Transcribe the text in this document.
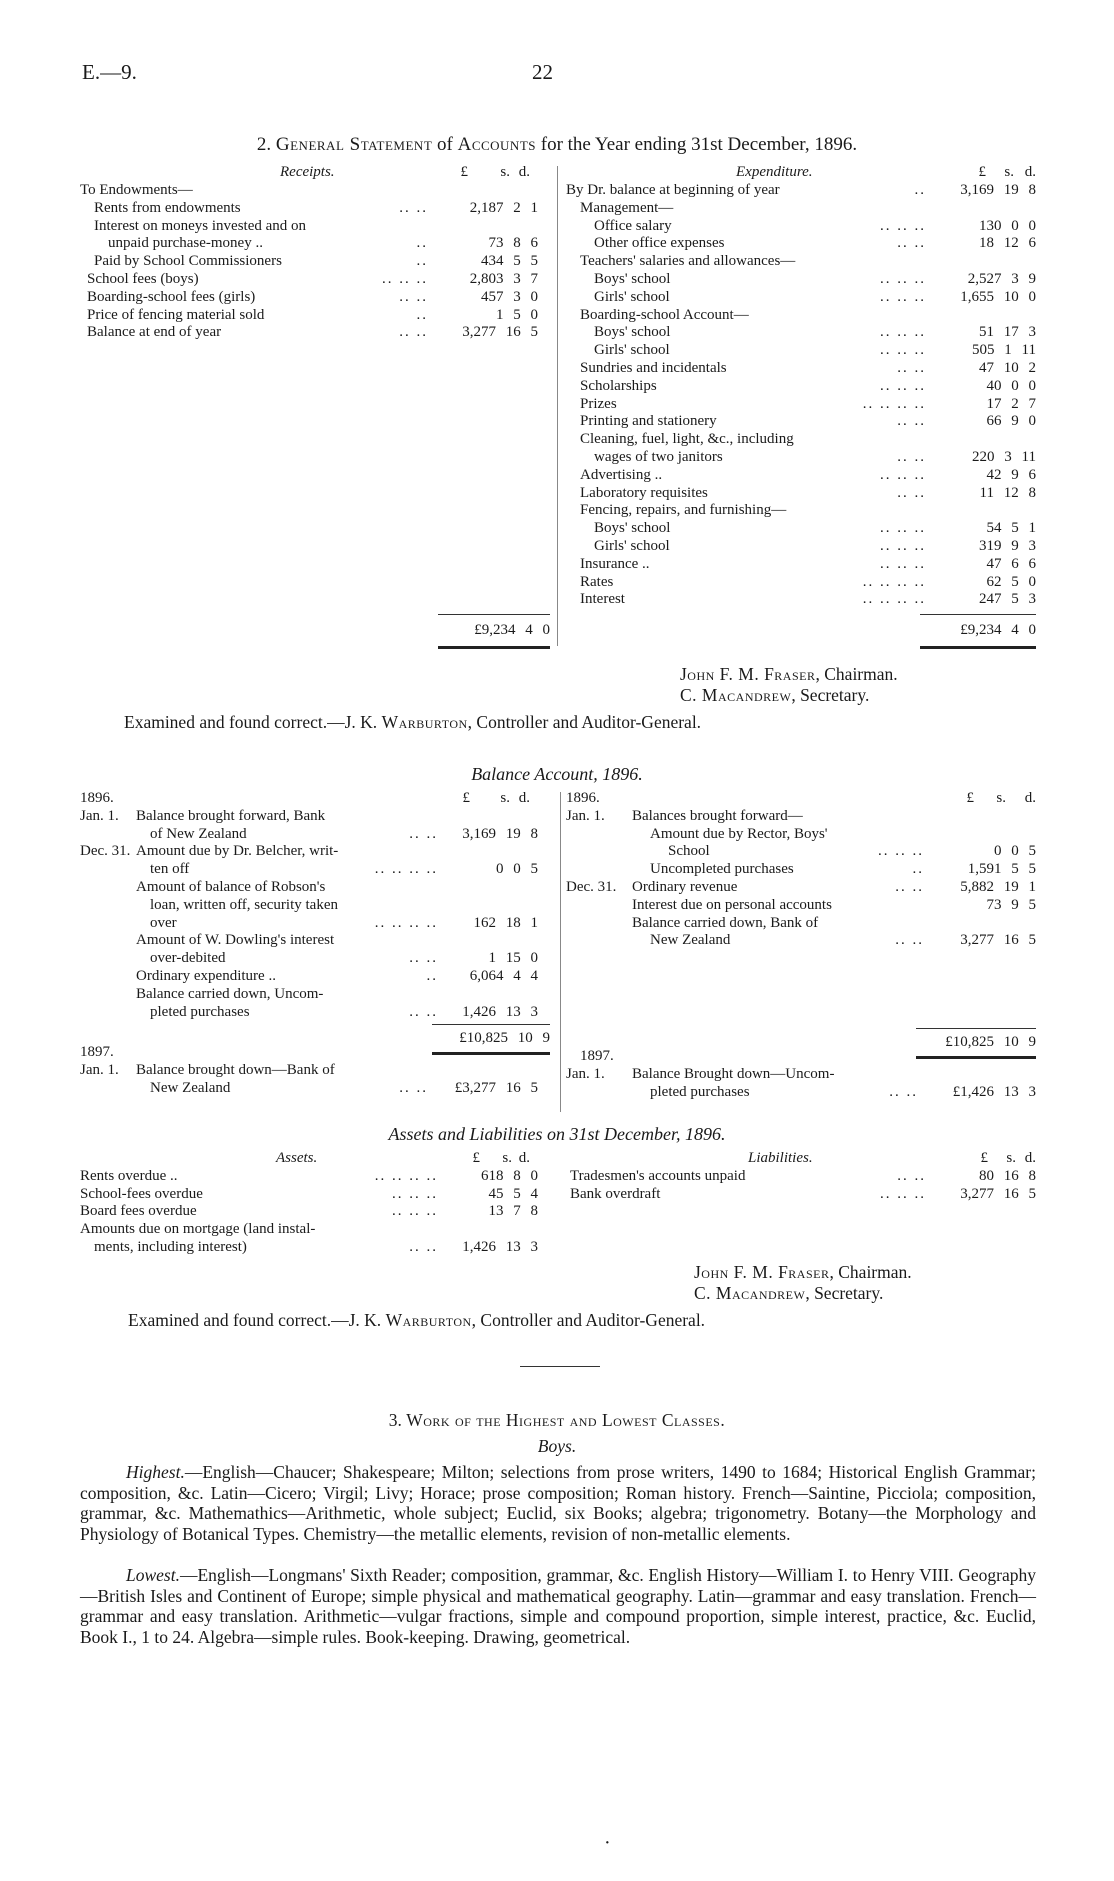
E.—9.	22
2. General Statement of Accounts for the Year ending 31st December, 1896.
Receipts.	£ s. d.
To Endowments—
Rents from endowments	.. ..	2,187 2 1
Interest on moneys invested and on
unpaid purchase-money ..	..	73 8 6
Paid by School Commissioners	..	434 5 5
School fees (boys)	.. .. ..	2,803 3 7
Boarding-school fees (girls)	.. ..	457 3 0
Price of fencing material sold	..	1 5 0
Balance at end of year	.. .. 3,277 16 5
Expenditure.	£ s. d.
By Dr. balance at beginning of year	.. 3,169 19 8
Management—
Office salary	.. .. ..	130 0 0
Other office expenses	.. ..	18 12 6
Teachers' salaries and allowances—
Boys' school	.. .. ..	2,527 3 9
Girls' school	.. .. .. 1,655 10 0
Boarding-school Account—
Boys' school	.. .. ..	51 17 3
Girls' school	.. .. ..	505 1 11
Sundries and incidentals	.. ..	47 10 2
Scholarships	.. .. ..	40 0 0
Prizes	.. .. .. ..	17 2 7
Printing and stationery	.. ..	66 9 0
Cleaning, fuel, light, &c., including
wages of two janitors	.. ..	220 3 11
Advertising ..	.. .. ..	42 9 6
Laboratory requisites	.. ..	11 12 8
Fencing, repairs, and furnishing—
Boys' school	.. .. ..	54 5 1
Girls' school	.. .. ..	319 9 3
Insurance ..	.. .. ..	47 6 6
Rates	.. .. .. ..	62 5 0
Interest	.. .. .. ..	247 5 3
£9,234 4 0	£9,234 4 0
John F. M. Fraser, Chairman.
C. Macandrew, Secretary.
Examined and found correct.—J. K. Warburton, Controller and Auditor-General.
Balance Account, 1896.
1896.	£ s. d.
Jan. 1. Balance brought forward, Bank
of New Zealand	.. .. 3,169 19 8
Dec. 31. Amount due by Dr. Belcher, writ-
ten off	.. .. .. ..	0 0 5
Amount of balance of Robson's
loan, written off, security taken
over	.. .. .. .. 162 18 1
Amount of W. Dowling's interest
over-debited	.. ..	1 15 0
Ordinary expenditure ..	.. 6,064 4 4
Balance carried down, Uncom-
pleted purchases	.. .. 1,426 13 3
1896.	£ s. d.
Jan. 1. Balances brought forward—
Amount due by Rector, Boys'
School	.. .. ..	0 0 5
Uncompleted purchases	..	1,591 5 5
Dec. 31. Ordinary revenue	.. .. 5,882 19 1
Interest due on personal accounts	73 9 5
Balance carried down, Bank of
New Zealand	.. .. 3,277 16 5
£10,825 10 9	£10,825 10 9
1897.	1897.
Jan. 1. Balance brought down—Bank of
New Zealand	.. .. £3,277 16 5
Jan. 1. Balance Brought down—Uncom-
pleted purchases	.. .. £1,426 13 3
Assets and Liabilities on 31st December, 1896.
Assets.	£ s. d.
Rents overdue ..	.. .. .. ..	618 8 0
School-fees overdue	.. .. ..	45 5 4
Board fees overdue	.. .. ..	13 7 8
Amounts due on mortgage (land instal-
ments, including interest)	.. .. 1,426 13 3
Liabilities.	£ s. d.
Tradesmen's accounts unpaid	.. ..	80 16 8
Bank overdraft	.. .. .. 3,277 16 5
John F. M. Fraser, Chairman.
C. Macandrew, Secretary.
Examined and found correct.—J. K. Warburton, Controller and Auditor-General.
3. Work of the Highest and Lowest Classes.
Boys.
Highest.—English—Chaucer; Shakespeare; Milton; selections from prose writers, 1490 to 1684; Historical English Grammar; composition, &c. Latin—Cicero; Virgil; Livy; Horace; prose composition; Roman history. French—Saintine, Picciola; composition, grammar, &c. Mathemathics—Arithmetic, whole subject; Euclid, six Books; algebra; trigonometry. Botany—the Morphology and Physiology of Botanical Types. Chemistry—the metallic elements, revision of non-metallic elements.
Lowest.—English—Longmans' Sixth Reader; composition, grammar, &c. English History—William I. to Henry VIII. Geography—British Isles and Continent of Europe; simple physical and mathematical geography. Latin—grammar and easy translation. French—grammar and easy translation. Arithmetic—vulgar fractions, simple and compound proportion, simple interest, practice, &c. Euclid, Book I., 1 to 24. Algebra—simple rules. Book-keeping. Drawing, geometrical.
·
